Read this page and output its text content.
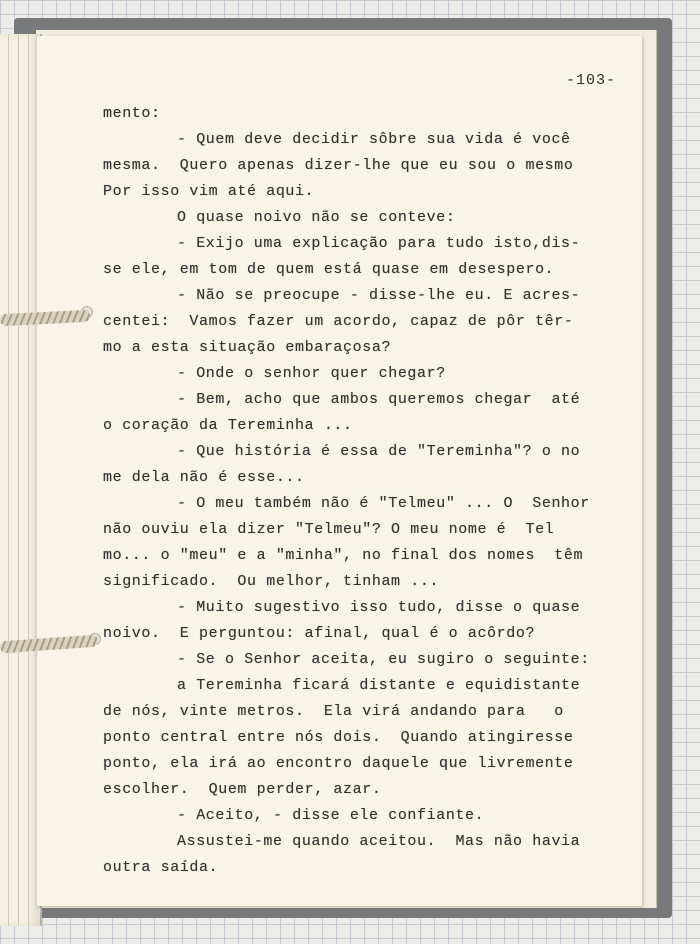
-103-

mento:
- Quem deve decidir sôbre sua vida é você
mesma.  Quero apenas dizer-lhe que eu sou o mesmo
Por isso vim até aqui.
O quase noivo não se conteve:
- Exijo uma explicação para tudo isto,dis-
se ele, em tom de quem está quase em desespero.
- Não se preocupe - disse-lhe eu. E acres-
centei:  Vamos fazer um acordo, capaz de pôr têr-
mo a esta situação embaraçosa?
- Onde o senhor quer chegar?
- Bem, acho que ambos queremos chegar  até
o coração da Tereminha ...
- Que história é essa de "Tereminha"? o no
me dela não é esse...
- O meu também não é "Telmeu" ... O  Senhor
não ouviu ela dizer "Telmeu"? O meu nome é  Tel
mo... o "meu" e a "minha", no final dos nomes  têm
significado.  Ou melhor, tinham ...
- Muito sugestivo isso tudo, disse o quase
noivo.  E perguntou: afinal, qual é o acôrdo?
- Se o Senhor aceita, eu sugiro o seguinte:
a Tereminha ficará distante e equidistante
de nós, vinte metros.  Ela virá andando para   o
ponto central entre nós dois.  Quando atingiresse
ponto, ela irá ao encontro daquele que livremente
escolher.  Quem perder, azar.
- Aceito, - disse ele confiante.
Assustei-me quando aceitou.  Mas não havia
outra saída.
